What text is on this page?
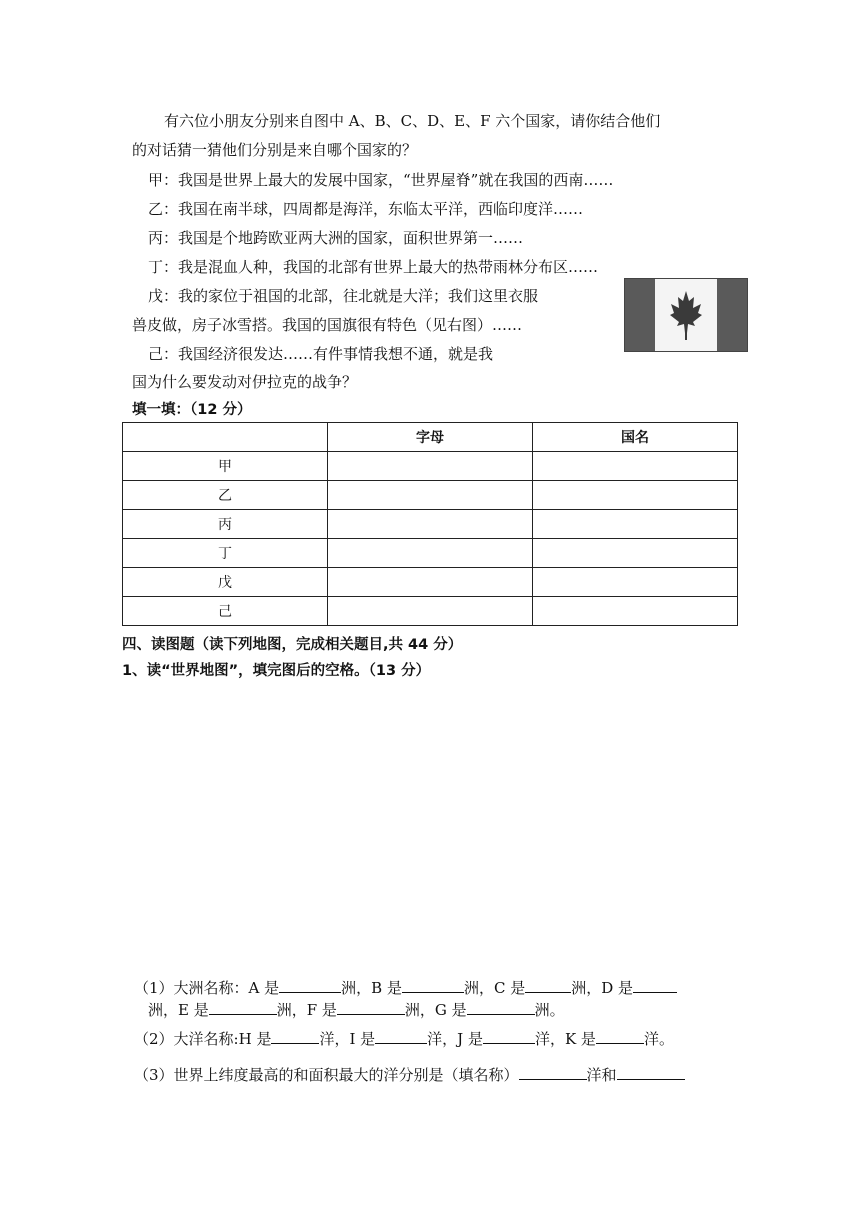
有六位小朋友分别来自图中 A、B、C、D、E、F 六个国家，请你结合他们
的对话猜一猜他们分别是来自哪个国家的？
甲：我国是世界上最大的发展中国家，“世界屋脊”就在我国的西南……
乙：我国在南半球，四周都是海洋，东临太平洋，西临印度洋……
丙：我国是个地跨欧亚两大洲的国家，面积世界第一……
丁：我是混血人种，我国的北部有世界上最大的热带雨林分布区……
戊：我的家位于祖国的北部，往北就是大洋；我们这里衣服
兽皮做，房子冰雪搭。我国的国旗很有特色（见右图）……
己：我国经济很发达……有件事情我想不通，就是我
国为什么要发动对伊拉克的战争？
填一填：（12 分）
	字母	国名
甲		
乙		
丙		
丁		
戊		
己		
四、读图题（读下列地图，完成相关题目,共 44 分）
1、读“世界地图”，填完图后的空格。（13 分）
（1）大洲名称：A 是	洲，B 是	洲，C 是	洲，D 是
洲，E 是	洲，F 是	洲，G 是	洲。
（2）大洋名称:H 是	洋，I 是	洋，J 是	洋，K 是	洋。
（3）世界上纬度最高的和面积最大的洋分别是（填名称）	洋和
